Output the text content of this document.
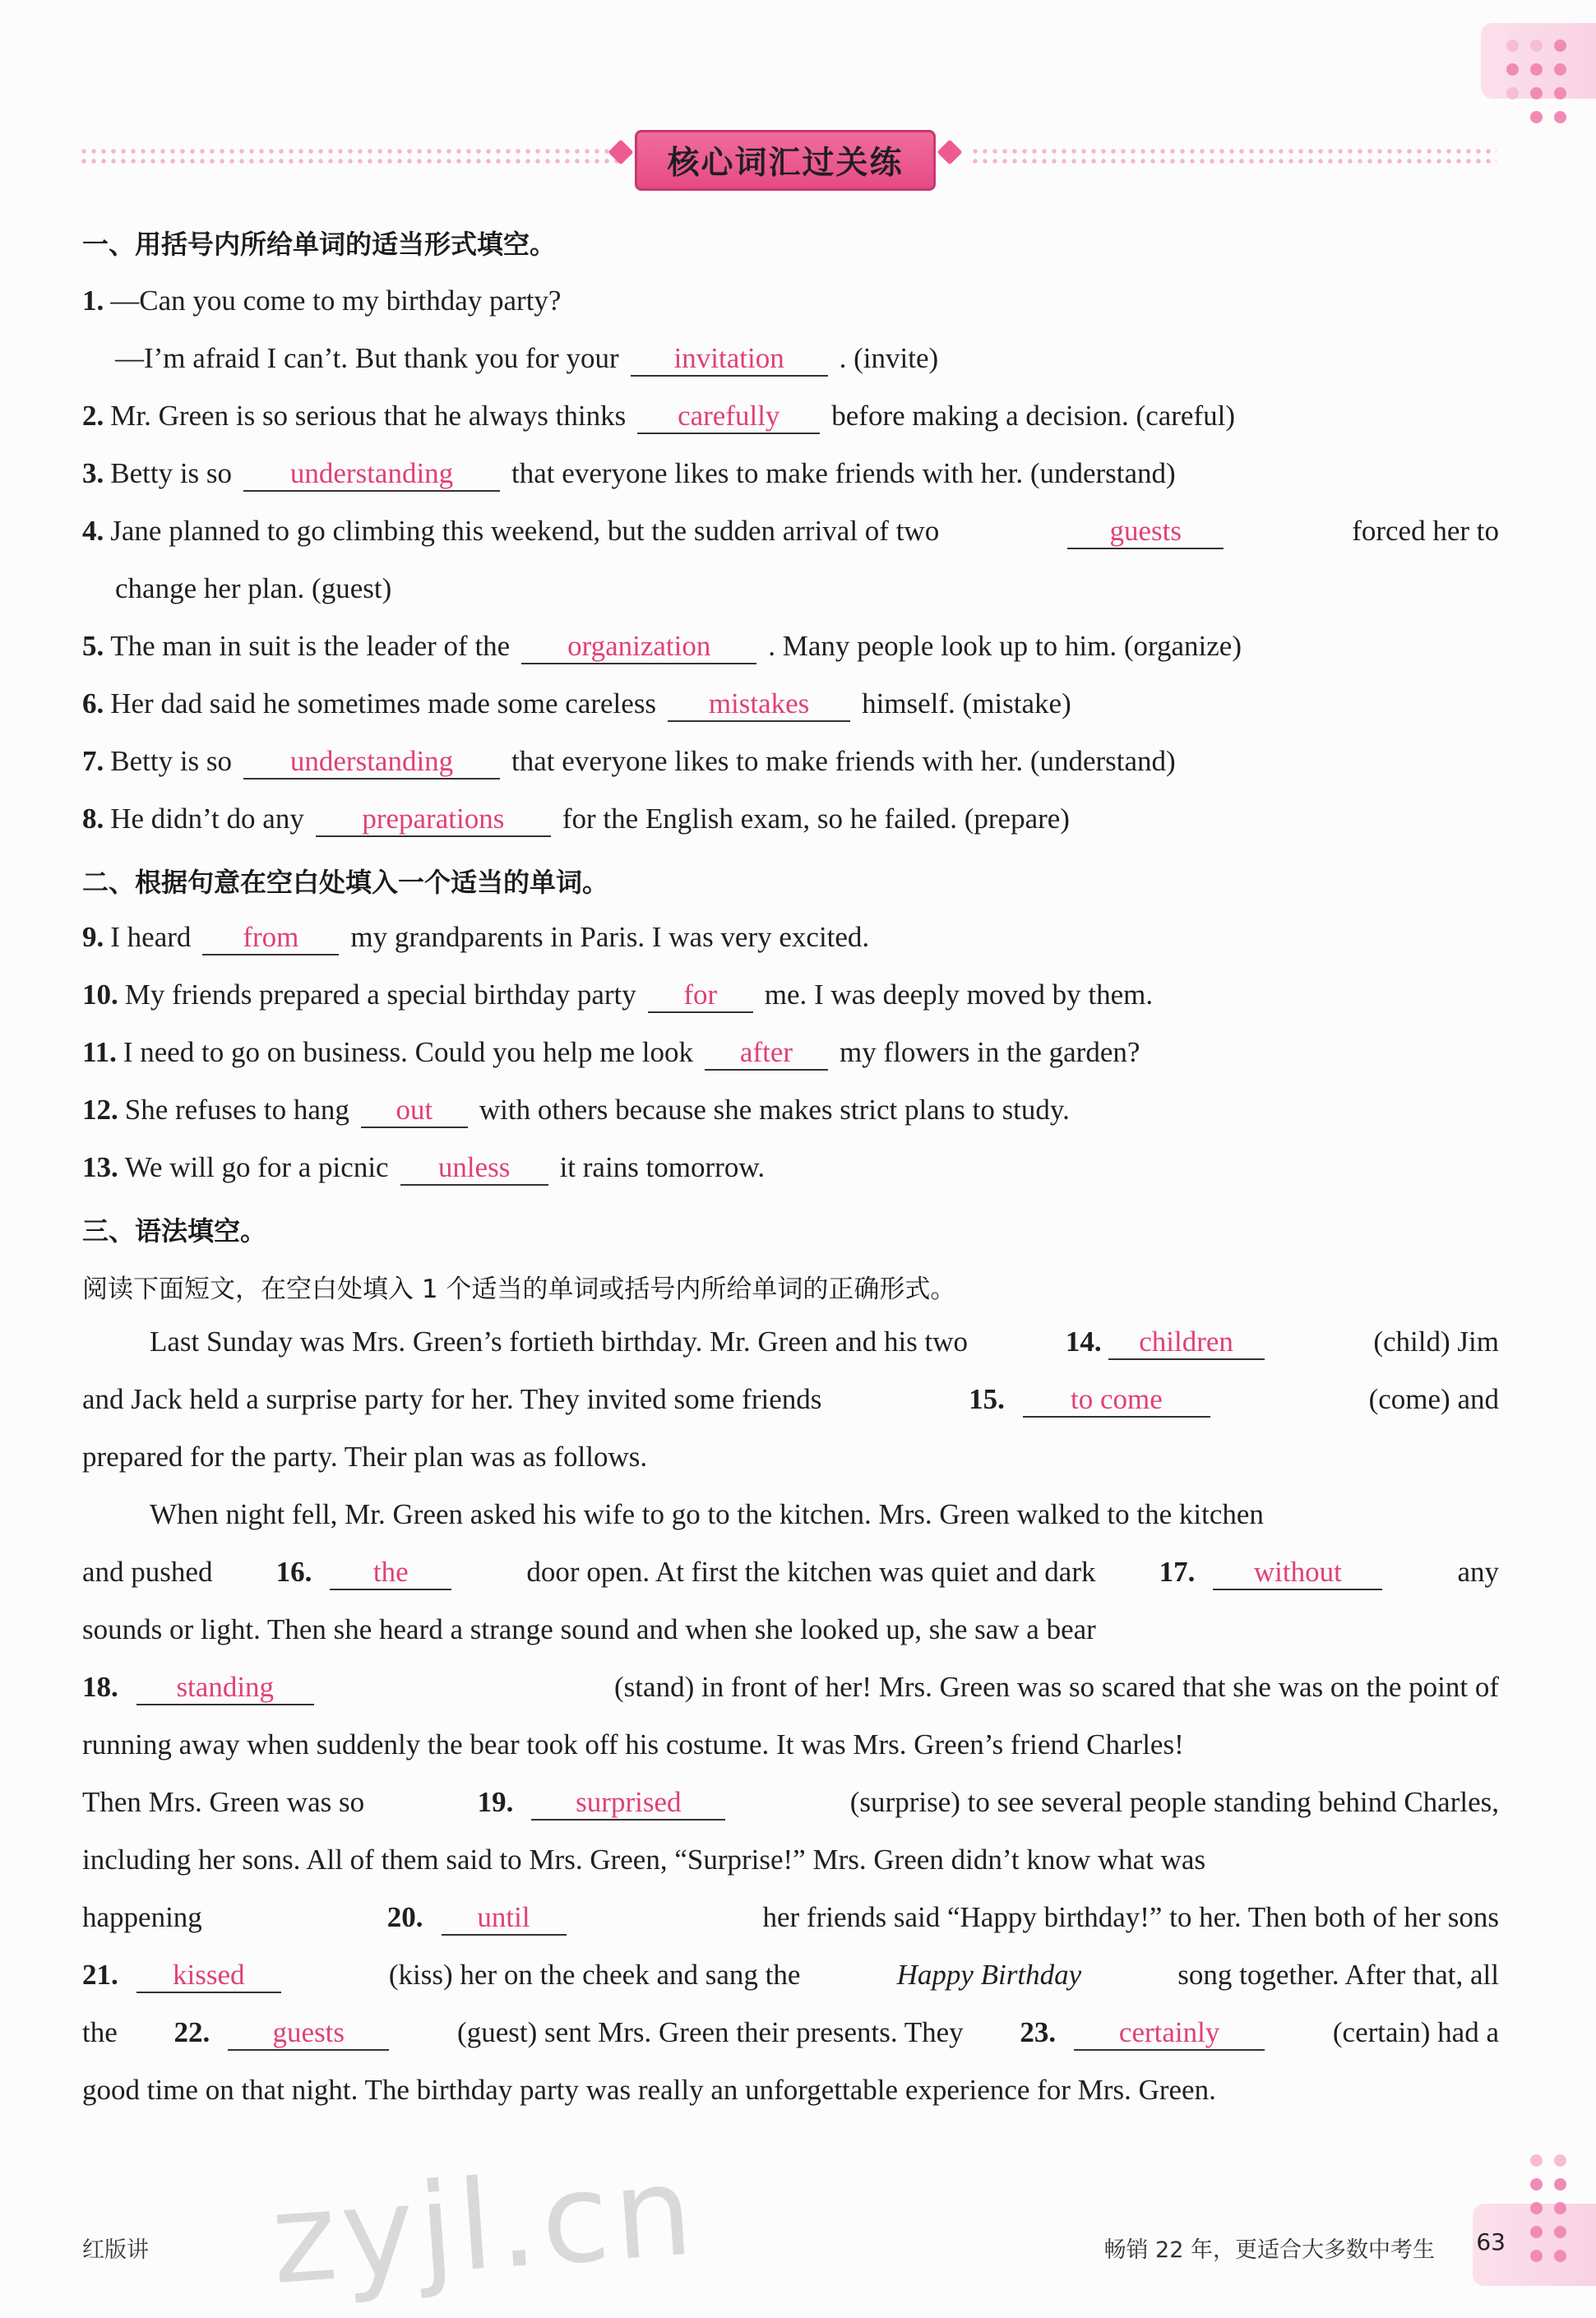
核心词汇过关练
一、用括号内所给单词的适当形式填空。
1. —Can you come to my birthday party?
—I’m afraid I can’t. But thank you for your	invitation	. (invite)
2. Mr. Green is so serious that he always thinks	carefully	before making a decision. (careful)
3. Betty is so	understanding	that everyone likes to make friends with her. (understand)
4. Jane planned to go climbing this weekend, but the sudden arrival of two	guests	forced her to
change her plan. (guest)
5. The man in suit is the leader of the	organization	. Many people look up to him. (organize)
6. Her dad said he sometimes made some careless	mistakes	himself. (mistake)
7. Betty is so	understanding	that everyone likes to make friends with her. (understand)
8. He didn’t do any	preparations	for the English exam, so he failed. (prepare)
二、根据句意在空白处填入一个适当的单词。
9. I heard	from	my grandparents in Paris. I was very excited.
10. My friends prepared a special birthday party	for	me. I was deeply moved by them.
11. I need to go on business. Could you help me look	after	my flowers in the garden?
12. She refuses to hang	out	with others because she makes strict plans to study.
13. We will go for a picnic	unless	it rains tomorrow.
三、语法填空。
阅读下面短文，在空白处填入 1 个适当的单词或括号内所给单词的正确形式。
Last Sunday was Mrs. Green’s fortieth birthday. Mr. Green and his two	14. children	(child) Jim
and Jack held a surprise party for her. They invited some friends	15. to come	(come) and
prepared for the party. Their plan was as follows.
When night fell, Mr. Green asked his wife to go to the kitchen. Mrs. Green walked to the kitchen
and pushed 16. the	door open. At first the kitchen was quiet and dark 17. without	any
sounds or light. Then she heard a strange sound and when she looked up, she saw a bear
18. standing	(stand) in front of her! Mrs. Green was so scared that she was on the point of
running away when suddenly the bear took off his costume. It was Mrs. Green’s friend Charles!
Then Mrs. Green was so	19. surprised	(surprise) to see several people standing behind Charles,
including her sons. All of them said to Mrs. Green, “Surprise!” Mrs. Green didn’t know what was
happening	20. until	her friends said “Happy birthday!” to her. Then both of her sons
21. kissed	(kiss) her on the cheek and sang the	Happy Birthday	song together. After that, all
the 22. guests	(guest) sent Mrs. Green their presents. They 23. certainly	(certain) had a
good time on that night. The birthday party was really an unforgettable experience for Mrs. Green.
zyjl.cn
红版讲	畅销 22 年，更适合大多数中考生 63
